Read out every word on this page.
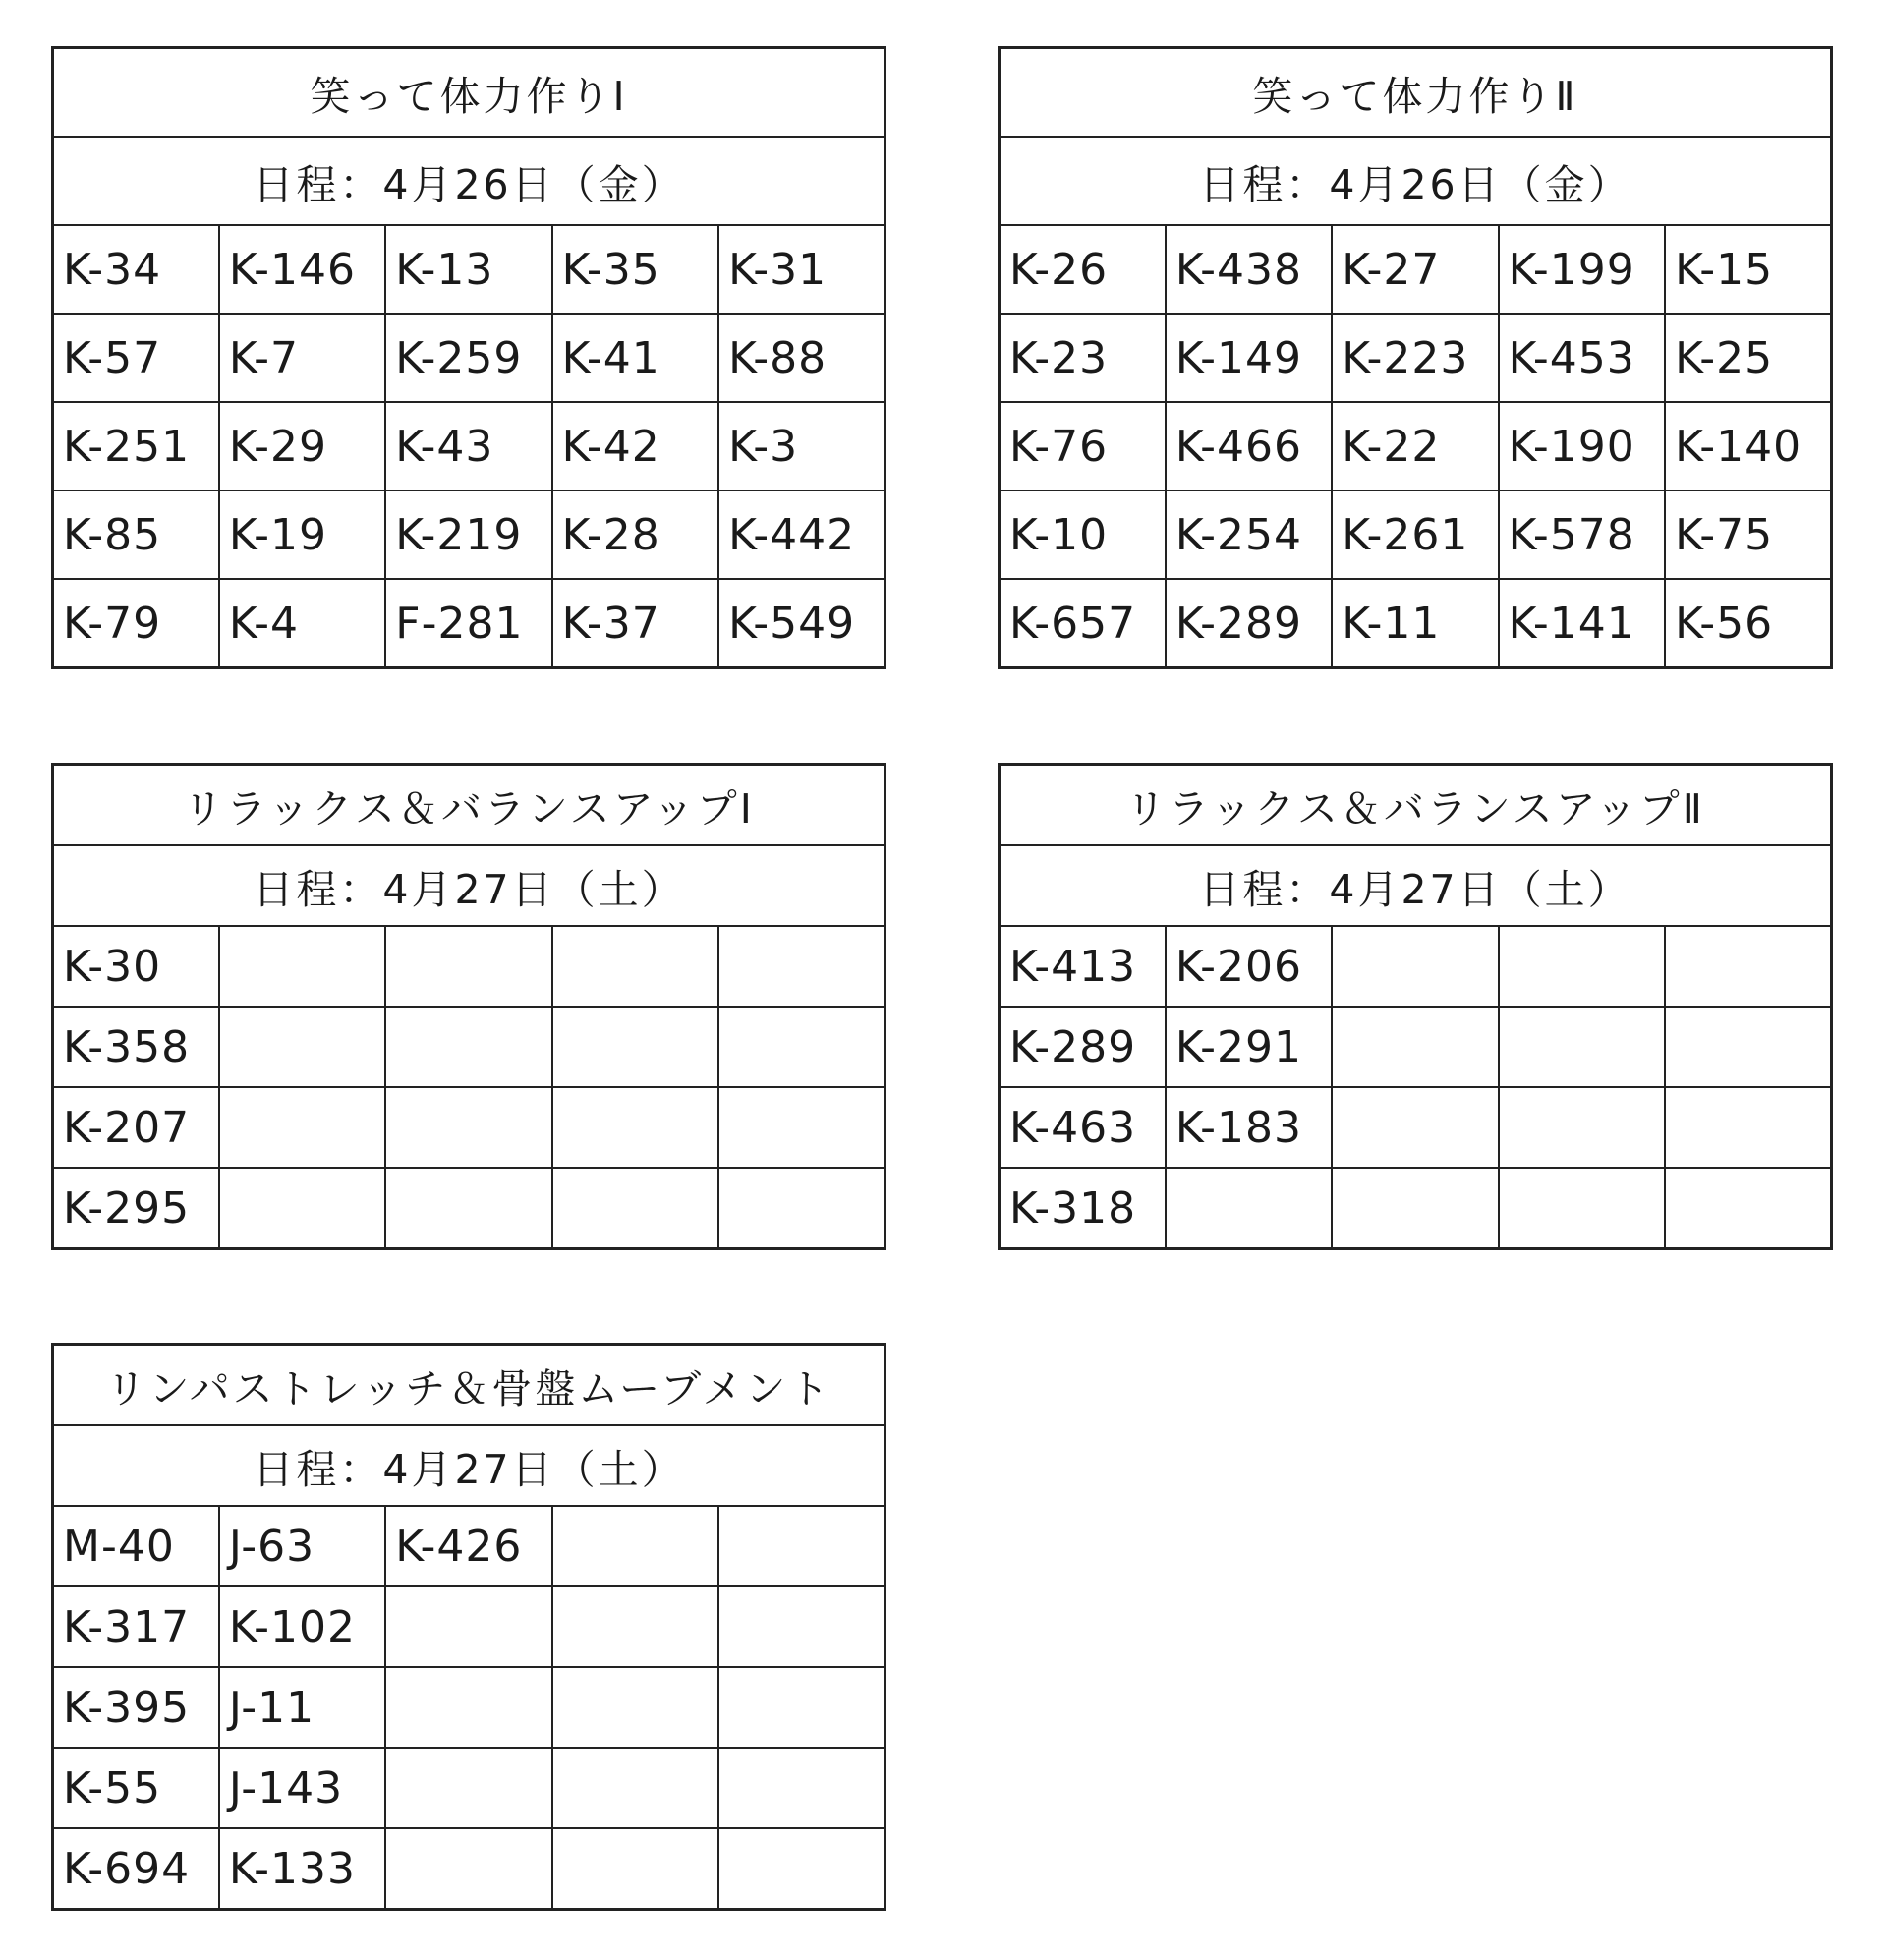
笑って体力作りⅠ				
日程：4月26日（金）				
K-34	K-146	K-13	K-35	K-31
K-57	K-7	K-259	K-41	K-88
K-251	K-29	K-43	K-42	K-3
K-85	K-19	K-219	K-28	K-442
K-79	K-4	F-281	K-37	K-549
笑って体力作りⅡ				
日程：4月26日（金）				
K-26	K-438	K-27	K-199	K-15
K-23	K-149	K-223	K-453	K-25
K-76	K-466	K-22	K-190	K-140
K-10	K-254	K-261	K-578	K-75
K-657	K-289	K-11	K-141	K-56
リラックス＆バランスアップⅠ				
日程：4月27日（土）				
K-30				
K-358				
K-207				
K-295				
リラックス＆バランスアップⅡ				
日程：4月27日（土）				
K-413	K-206			
K-289	K-291			
K-463	K-183			
K-318				
リンパストレッチ＆骨盤ムーブメント				
日程：4月27日（土）				
M-40	J-63	K-426		
K-317	K-102			
K-395	J-11			
K-55	J-143			
K-694	K-133			
